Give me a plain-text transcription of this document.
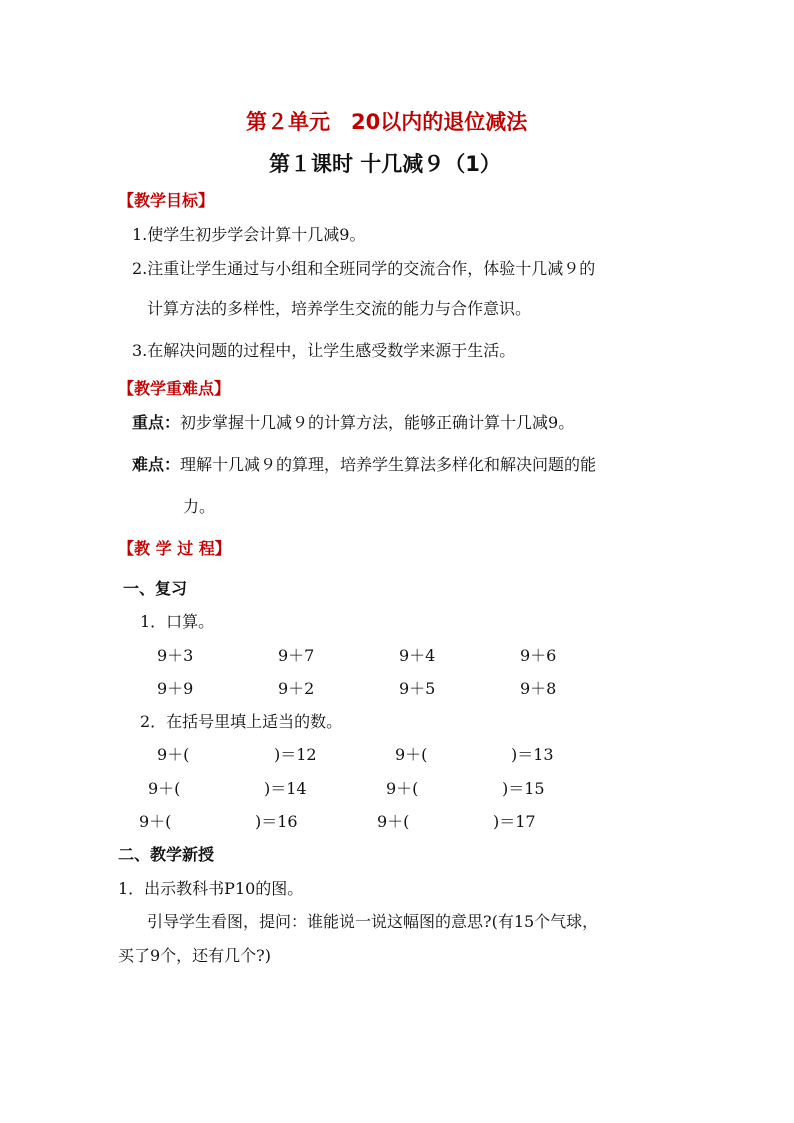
第２单元　20以内的退位减法
第１课时 十几减９（1）
【教学目标】
1.使学生初步学会计算十几减9。
2.注重让学生通过与小组和全班同学的交流合作，体验十几减９的
计算方法的多样性，培养学生交流的能力与合作意识。
3.在解决问题的过程中，让学生感受数学来源于生活。
【教学重难点】
重点：初步掌握十几减９的计算方法，能够正确计算十几减9。
难点：理解十几减９的算理，培养学生算法多样化和解决问题的能
力。
【教 学 过 程】
一、复习
1．口算。
9＋3	9＋7	9＋4	9＋6
9＋9	9＋2	9＋5	9＋8
2．在括号里填上适当的数。
9＋(	)＝12	9＋(	)＝13
9＋(	)＝14	9＋(	)＝15
9＋(	)＝16	9＋(	)＝17
二、教学新授
1．出示教科书P10的图。
引导学生看图，提问：谁能说一说这幅图的意思?(有15个气球，
买了9个，还有几个?)
